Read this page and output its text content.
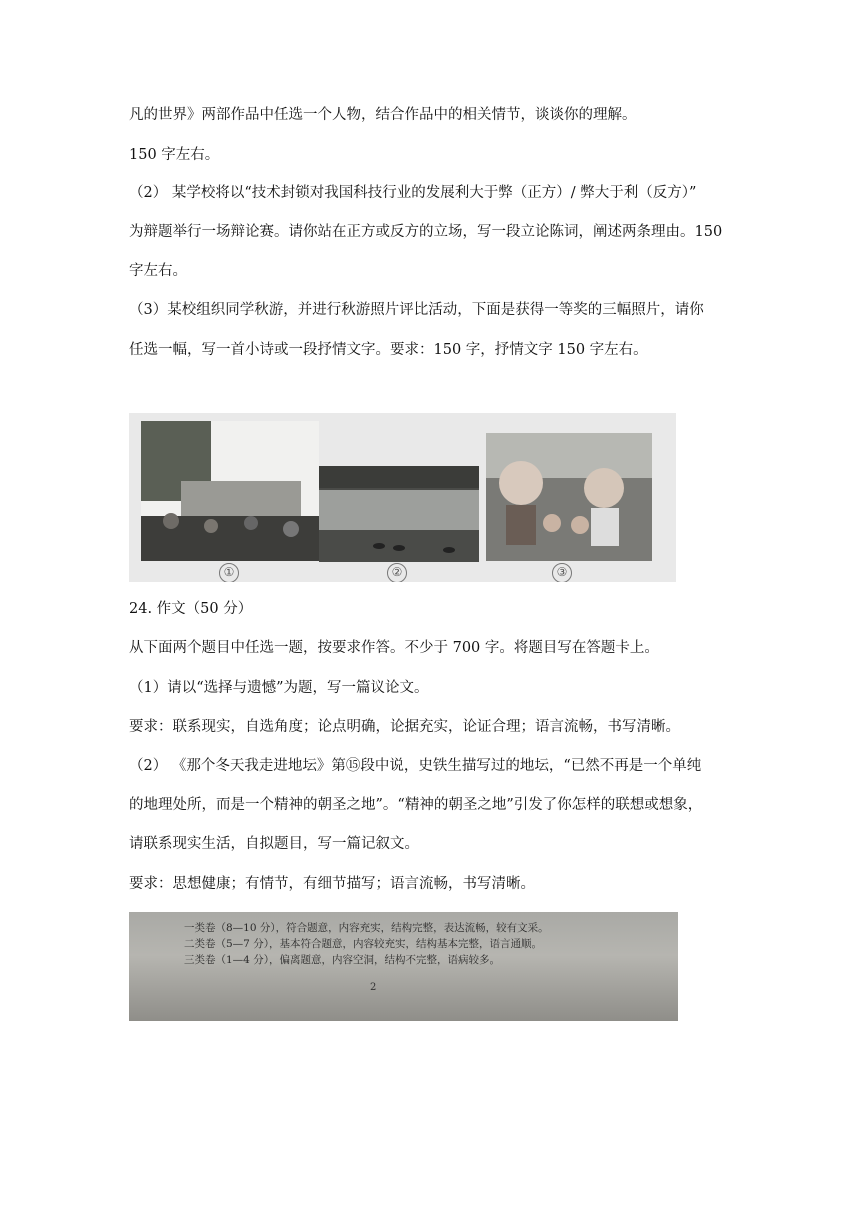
凡的世界》两部作品中任选一个人物，结合作品中的相关情节，谈谈你的理解。
150 字左右。
（2） 某学校将以“技术封锁对我国科技行业的发展利大于弊（正方）/ 弊大于利（反方）”
为辩题举行一场辩论赛。请你站在正方或反方的立场，写一段立论陈词，阐述两条理由。150
字左右。
（3）某校组织同学秋游，并进行秋游照片评比活动，下面是获得一等奖的三幅照片，请你
任选一幅，写一首小诗或一段抒情文字。要求：150 字，抒情文字 150 字左右。
①	②	③
24. 作文（50 分）
从下面两个题目中任选一题，按要求作答。不少于 700 字。将题目写在答题卡上。
（1）请以“选择与遗憾”为题，写一篇议论文。
要求：联系现实，自选角度；论点明确，论据充实，论证合理；语言流畅，书写清晰。
（2） 《那个冬天我走进地坛》第⑮段中说，史铁生描写过的地坛，“已然不再是一个单纯
的地理处所，而是一个精神的朝圣之地”。“精神的朝圣之地”引发了你怎样的联想或想象，
请联系现实生活，自拟题目，写一篇记叙文。
要求：思想健康；有情节，有细节描写；语言流畅，书写清晰。
一类卷（8—10 分），符合题意，内容充实，结构完整，表达流畅，较有文采。
二类卷（5—7 分），基本符合题意，内容较充实，结构基本完整，语言通顺。
三类卷（1—4 分），偏离题意，内容空洞，结构不完整，语病较多。
2
